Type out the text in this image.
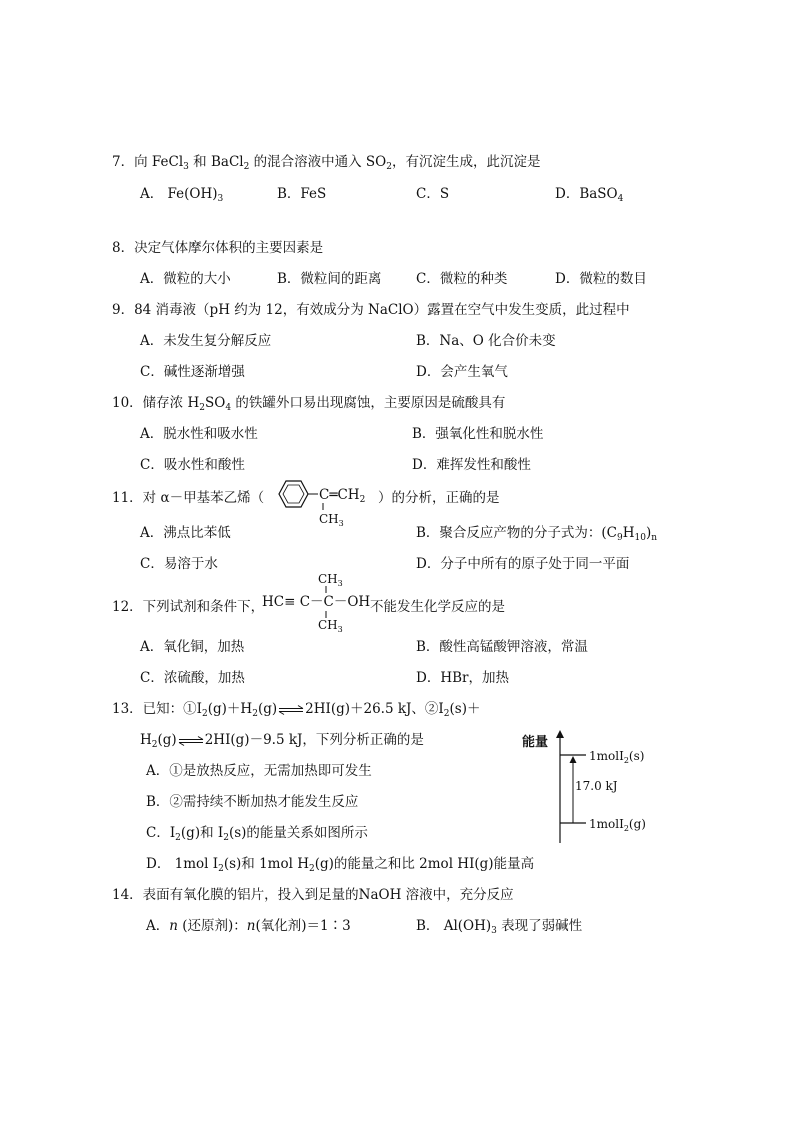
7．向 FeCl$_3$ 和 BaCl$_2$ 的混合溶液中通入 $SO_2$，有沉淀生成，此沉淀是
A． $Fe(OH)_3$	B．FeS	C．S	D．BaSO$_4$
8．决定气体摩尔体积的主要因素是
A．微粒的大小	B．微粒间的距离	C．微粒的种类	D．微粒的数目
9．84 消毒液（pH 约为 12，有效成分为 NaClO）露置在空气中发生变质，此过程中
A．未发生复分解反应	B．Na、O 化合价未变
C．碱性逐渐增强	D．会产生氧气
10．储存浓 $H_2SO_4$ 的铁罐外口易出现腐蚀，主要原因是硫酸具有
A．脱水性和吸水性	B．强氧化性和脱水性
C．吸水性和酸性	D．难挥发性和酸性
11．对 α－甲基苯乙烯（	$C═CH_2$
$CH_3$
）的分析，正确的是
A．沸点比苯低	B．聚合反应产物的分子式为：$(C_9H_{10})_n$
C．易溶于水	D．分子中所有的原子处于同一平面
12．下列试剂和条件下，
$CH_3$
HC≡ C－C－OH
$CH_3$
不能发生化学反应的是
A．氧化铜，加热	B．酸性高锰酸钾溶液，常温
C．浓硫酸，加热	D．HBr，加热
13．已知：$①I_2(g)+H_2(g)\rightleftharpoons 2HI(g)+26.5$ kJ、$②I_2(s)+$
$H_2(g)\rightleftharpoons 2HI(g)-9.5$ kJ，下列分析正确的是
A．①是放热反应，无需加热即可发生
B．②需持续不断加热才能发生反应
C．$I_2(g)$和 $I_2(s)$的能量关系如图所示
D． 1mol $I_2(s)$和 1mol $H_2(g)$的能量之和比 2mol HI(g)能量高
能量
17.0 kJ
1molI$_2$(s)
1molI$_2$(g)
14．表面有氧化膜的铝片，投入到足量的NaOH 溶液中，充分反应
A．n (还原剂)：n(氧化剂)＝1∶3	B． $Al(OH)_3$ 表现了弱碱性
